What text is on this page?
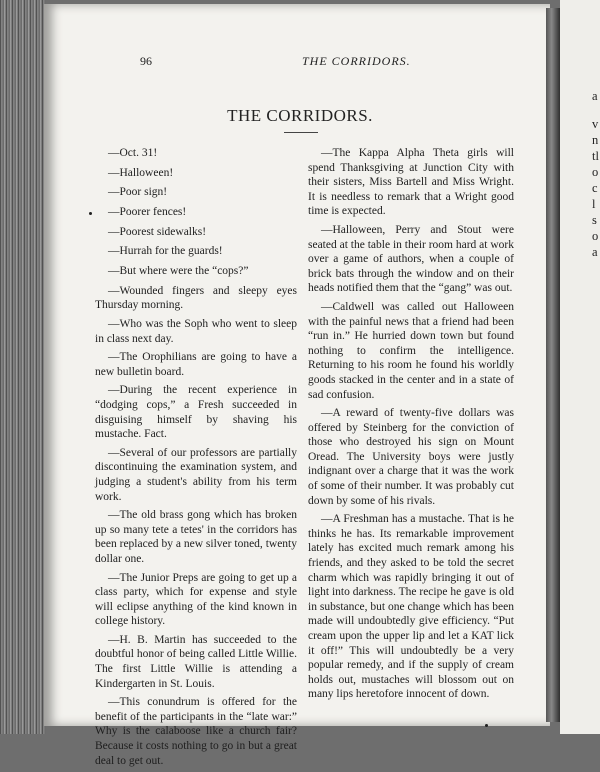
96	THE CORRIDORS.
THE CORRIDORS.

—Oct. 31!

—Halloween!

—Poor sign!

—Poorer fences!

—Poorest sidewalks!

—Hurrah for the guards!

—But where were the “cops?”

—Wounded fingers and sleepy eyes Thursday morning.

—Who was the Soph who went to sleep in class next day.

—The Orophilians are going to have a new bulletin board.

—During the recent experience in “dodging cops,” a Fresh succeeded in disguising himself by shaving his mustache. Fact.

—Several of our professors are partially discontinuing the examination system, and judging a student's ability from his term work.

—The old brass gong which has broken up so many tete a tetes' in the corridors has been replaced by a new silver toned, twenty dollar one.

—The Junior Preps are going to get up a class party, which for expense and style will eclipse anything of the kind known in college history.

—H. B. Martin has succeeded to the doubtful honor of being called Little Willie. The first Little Willie is attending a Kindergarten in St. Louis.

—This conundrum is offered for the benefit of the participants in the “late war:” Why is the calaboose like a church fair? Because it costs nothing to go in but a great deal to get out.

—The Kappa Alpha Theta girls will spend Thanksgiving at Junction City with their sisters, Miss Bartell and Miss Wright. It is needless to remark that a Wright good time is expected.

—Halloween, Perry and Stout were seated at the table in their room hard at work over a game of authors, when a couple of brick bats through the window and on their heads notified them that the “gang” was out.

—Caldwell was called out Halloween with the painful news that a friend had been “run in.” He hurried down town but found nothing to confirm the intelligence. Returning to his room he found his worldly goods stacked in the center and in a state of sad confusion.

—A reward of twenty-five dollars was offered by Steinberg for the conviction of those who destroyed his sign on Mount Oread. The University boys were justly indignant over a charge that it was the work of some of their number. It was probably cut down by some of his rivals.

—A Freshman has a mustache. That is he thinks he has. Its remarkable improvement lately has excited much remark among his friends, and they asked to be told the secret charm which was rapidly bringing it out of light into darkness. The recipe he gave is old in substance, but one change which has been made will undoubtedly give efficiency. “Put cream upon the upper lip and let a KAT lick it off!” This will undoubtedly be a very popular remedy, and if the supply of cream holds out, mustaches will blossom out on many lips heretofore innocent of down.

a
v
n
tl
o
c
l
s
o
a
